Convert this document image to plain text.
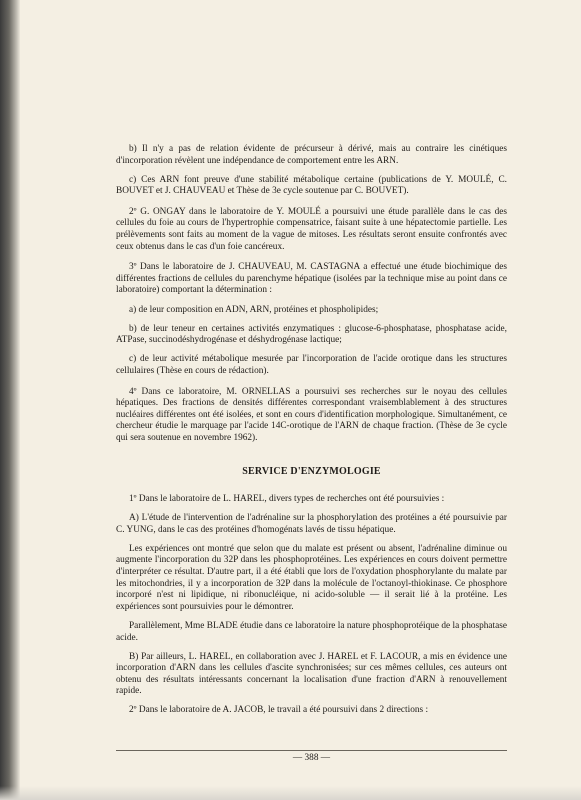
b) Il n'y a pas de relation évidente de précurseur à dérivé, mais au contraire les cinétiques d'incorporation révèlent une indépendance de comportement entre les ARN.

c) Ces ARN font preuve d'une stabilité métabolique certaine (publications de Y. MOULÉ, C. BOUVET et J. CHAUVEAU et Thèse de 3e cycle soutenue par C. BOUVET).

2º G. ONGAY dans le laboratoire de Y. MOULÉ a poursuivi une étude parallèle dans le cas des cellules du foie au cours de l'hypertrophie compensatrice, faisant suite à une hépatectomie partielle. Les prélèvements sont faits au moment de la vague de mitoses. Les résultats seront ensuite confrontés avec ceux obtenus dans le cas d'un foie cancéreux.

3º Dans le laboratoire de J. CHAUVEAU, M. CASTAGNA a effectué une étude biochimique des différentes fractions de cellules du parenchyme hépatique (isolées par la technique mise au point dans ce laboratoire) comportant la détermination :

a) de leur composition en ADN, ARN, protéines et phospholipides;

b) de leur teneur en certaines activités enzymatiques : glucose-6-phosphatase, phosphatase acide, ATPase, succinodéshydrogénase et déshydrogénase lactique;

c) de leur activité métabolique mesurée par l'incorporation de l'acide orotique dans les structures cellulaires (Thèse en cours de rédaction).

4º Dans ce laboratoire, M. ORNELLAS a poursuivi ses recherches sur le noyau des cellules hépatiques. Des fractions de densités différentes correspondant vraisemblablement à des structures nucléaires différentes ont été isolées, et sont en cours d'identification morphologique. Simultanément, ce chercheur étudie le marquage par l'acide 14C-orotique de l'ARN de chaque fraction. (Thèse de 3e cycle qui sera soutenue en novembre 1962).

SERVICE D'ENZYMOLOGIE

1º Dans le laboratoire de L. HAREL, divers types de recherches ont été poursuivies :

A) L'étude de l'intervention de l'adrénaline sur la phosphorylation des protéines a été poursuivie par C. YUNG, dans le cas des protéines d'homogénats lavés de tissu hépatique.

Les expériences ont montré que selon que du malate est présent ou absent, l'adrénaline diminue ou augmente l'incorporation du 32P dans les phosphoprotéines. Les expériences en cours doivent permettre d'interpréter ce résultat. D'autre part, il a été établi que lors de l'oxydation phosphorylante du malate par les mitochondries, il y a incorporation de 32P dans la molécule de l'octanoyl-thiokinase. Ce phosphore incorporé n'est ni lipidique, ni ribonucléique, ni acido-soluble — il serait lié à la protéine. Les expériences sont poursuivies pour le démontrer.

Parallèlement, Mme BLADE étudie dans ce laboratoire la nature phosphoprotéique de la phosphatase acide.

B) Par ailleurs, L. HAREL, en collaboration avec J. HAREL et F. LACOUR, a mis en évidence une incorporation d'ARN dans les cellules d'ascite synchronisées; sur ces mêmes cellules, ces auteurs ont obtenu des résultats intéressants concernant la localisation d'une fraction d'ARN à renouvellement rapide.

2º Dans le laboratoire de A. JACOB, le travail a été poursuivi dans 2 directions :

— 388 —
